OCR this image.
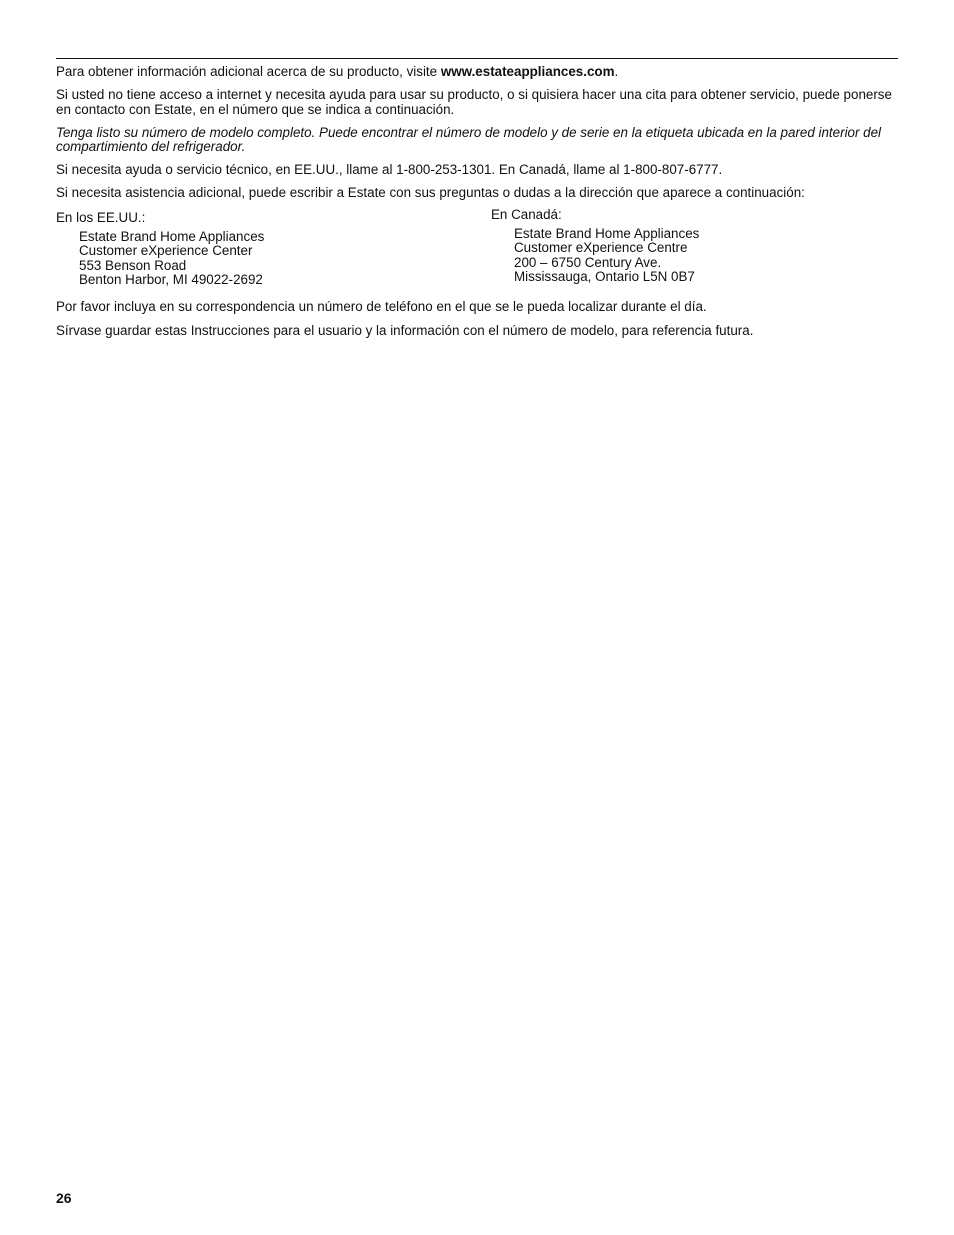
Para obtener información adicional acerca de su producto, visite www.estateappliances.com.

Si usted no tiene acceso a internet y necesita ayuda para usar su producto, o si quisiera hacer una cita para obtener servicio, puede ponerse en contacto con Estate, en el número que se indica a continuación.

Tenga listo su número de modelo completo. Puede encontrar el número de modelo y de serie en la etiqueta ubicada en la pared interior del compartimiento del refrigerador.

Si necesita ayuda o servicio técnico, en EE.UU., llame al 1-800-253-1301. En Canadá, llame al 1-800-807-6777.

Si necesita asistencia adicional, puede escribir a Estate con sus preguntas o dudas a la dirección que aparece a continuación:

En los EE.UU.:

Estate Brand Home Appliances
Customer eXperience Center
553 Benson Road
Benton Harbor, MI 49022-2692

En Canadá:

Estate Brand Home Appliances
Customer eXperience Centre
200 – 6750 Century Ave.
Mississauga, Ontario L5N 0B7

Por favor incluya en su correspondencia un número de teléfono en el que se le pueda localizar durante el día.

Sírvase guardar estas Instrucciones para el usuario y la información con el número de modelo, para referencia futura.

26
